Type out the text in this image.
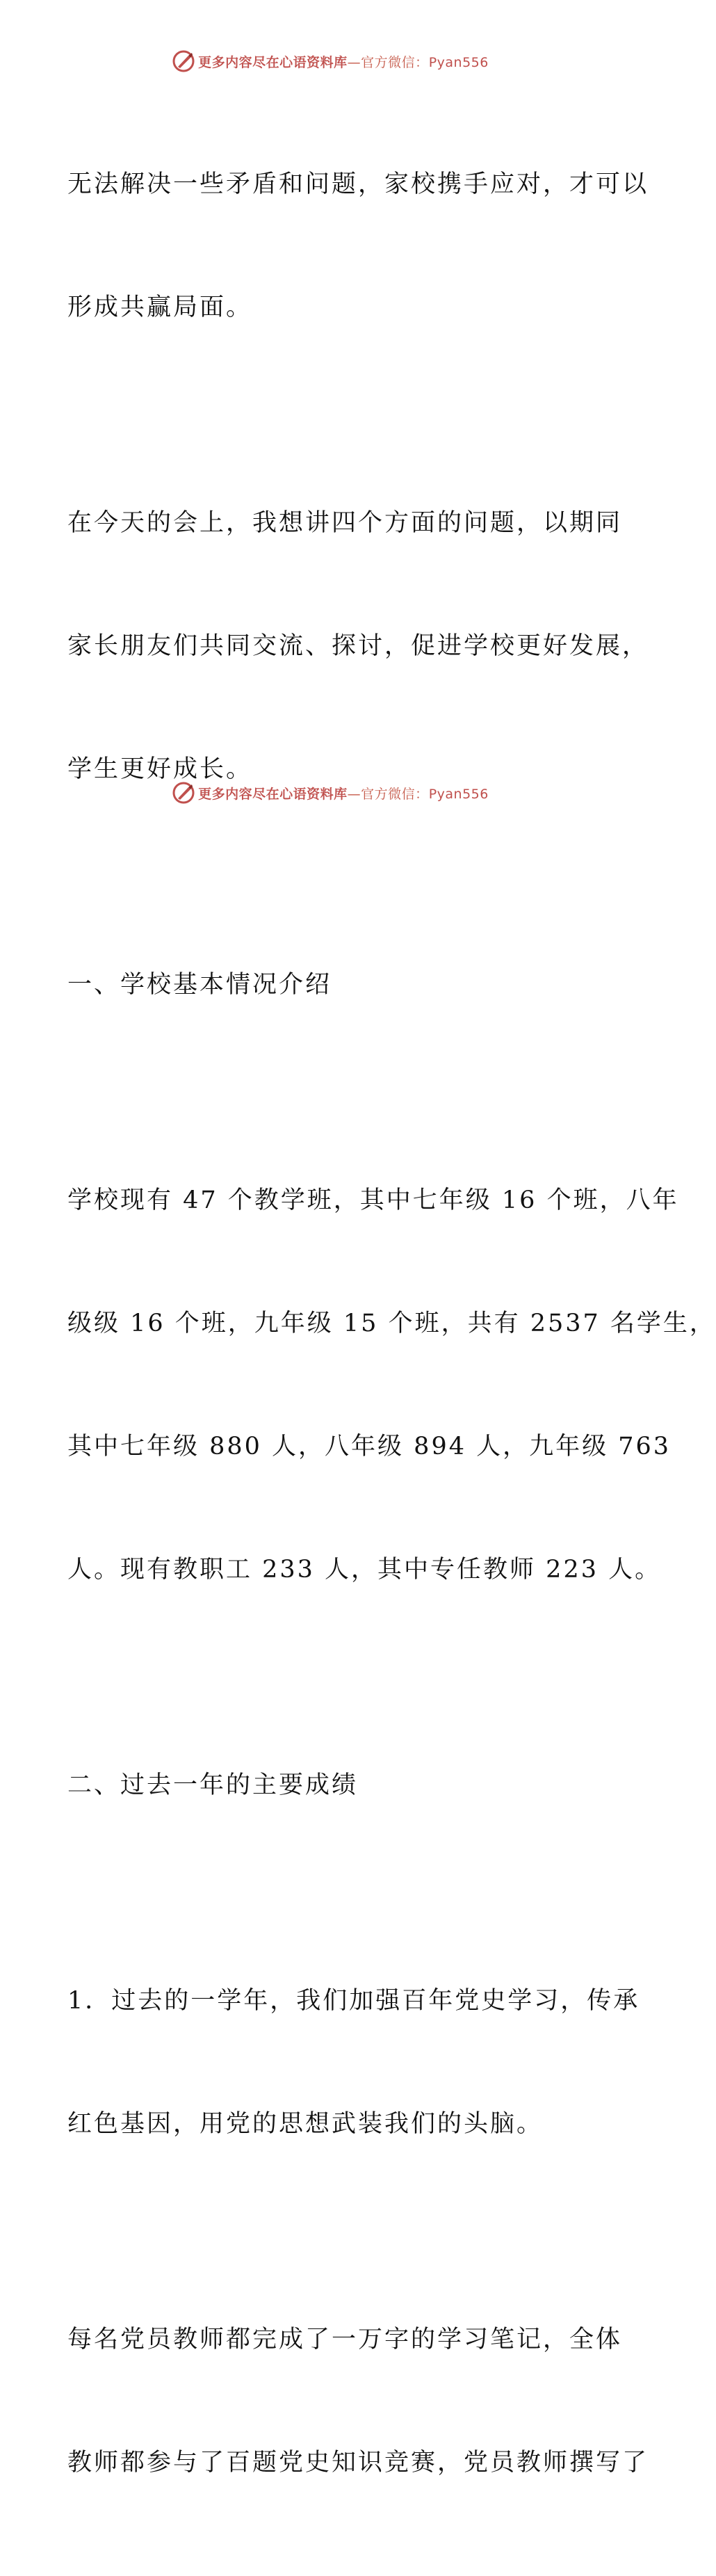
更多内容尽在心语资料库—官方微信：Pyan556

无法解决一些矛盾和问题，家校携手应对，才可以

形成共赢局面。

在今天的会上，我想讲四个方面的问题，以期同

家长朋友们共同交流、探讨，促进学校更好发展，

学生更好成长。

一、学校基本情况介绍

学校现有 47 个教学班，其中七年级 16 个班，八年

级级 16 个班，九年级 15 个班，共有 2537 名学生，

其中七年级 880 人，八年级 894 人，九年级 763

人。现有教职工 233 人，其中专任教师 223 人。

二、过去一年的主要成绩

1．过去的一学年，我们加强百年党史学习，传承

红色基因，用党的思想武装我们的头脑。

每名党员教师都完成了一万字的学习笔记，全体

教师都参与了百题党史知识竞赛，党员教师撰写了

更多内容尽在心语资料库—官方微信：Pyan556
